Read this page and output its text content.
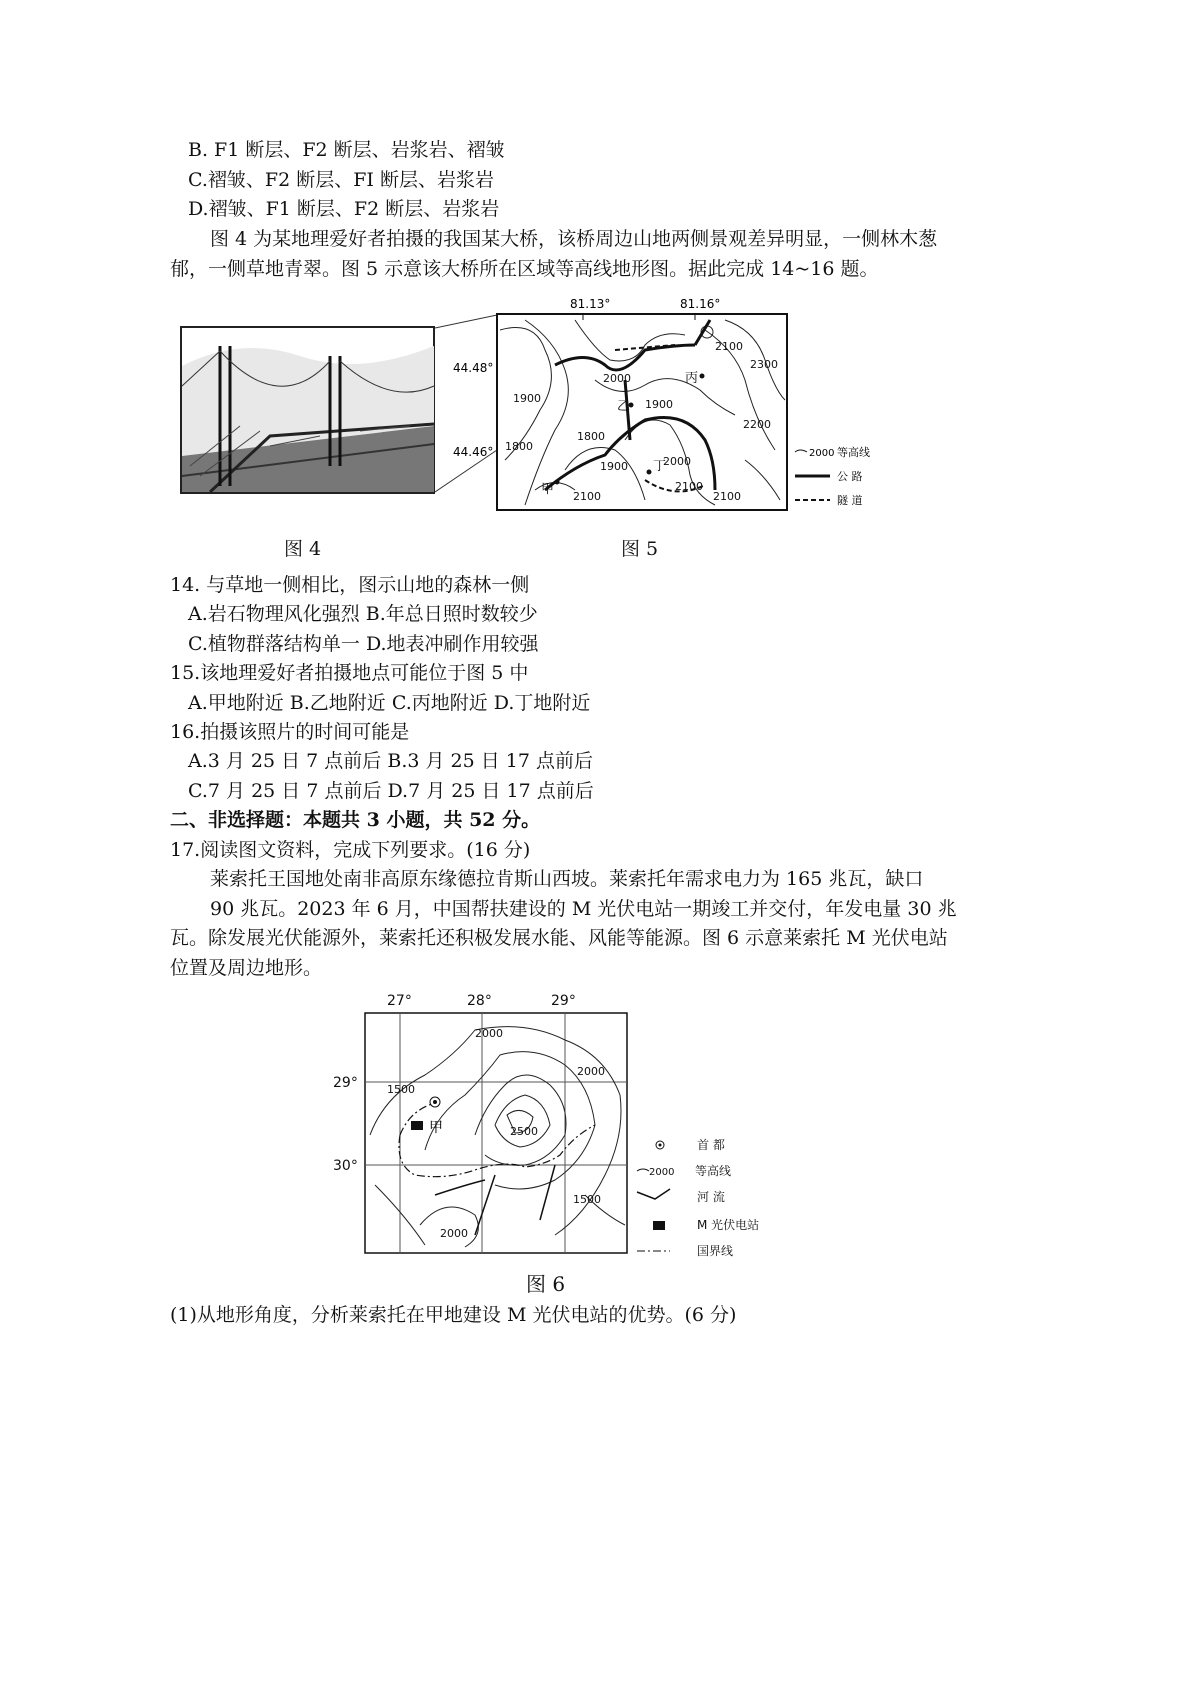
B. F1 断层、F2 断层、岩浆岩、褶皱
C.褶皱、F2 断层、FI 断层、岩浆岩
D.褶皱、F1 断层、F2 断层、岩浆岩
图 4 为某地理爱好者拍摄的我国某大桥，该桥周边山地两侧景观差异明显，一侧林木葱
郁，一侧草地青翠。图 5 示意该大桥所在区域等高线地形图。据此完成 14~16 题。
81.13°	81.16°
44.48°
44.46°
2000
1900
1900
1800
1800
1900
2100
2000
2100
2100
2200
2300
2100
甲
乙
丙
丁
2000 等高线
公 路
隧 道
图 4	图 5
14. 与草地一侧相比，图示山地的森林一侧
A.岩石物理风化强烈 B.年总日照时数较少
C.植物群落结构单一 D.地表冲刷作用较强
15.该地理爱好者拍摄地点可能位于图 5 中
A.甲地附近 B.乙地附近 C.丙地附近 D.丁地附近
16.拍摄该照片的时间可能是
A.3 月 25 日 7 点前后 B.3 月 25 日 17 点前后
C.7 月 25 日 7 点前后 D.7 月 25 日 17 点前后
二、非选择题：本题共 3 小题，共 52 分。
17.阅读图文资料，完成下列要求。(16 分)
莱索托王国地处南非高原东缘德拉肯斯山西坡。莱索托年需求电力为 165 兆瓦，缺口
90 兆瓦。2023 年 6 月，中国帮扶建设的 M 光伏电站一期竣工并交付，年发电量 30 兆
瓦。除发展光伏能源外，莱索托还积极发展水能、风能等能源。图 6 示意莱索托 M 光伏电站
位置及周边地形。
27°	28°	29°
29°
30°
1500
2000
2000
2500
1500
2000
甲
首 都
2000 等高线
河 流
M 光伏电站
国界线
图 6
(1)从地形角度，分析莱索托在甲地建设 M 光伏电站的优势。(6 分)
